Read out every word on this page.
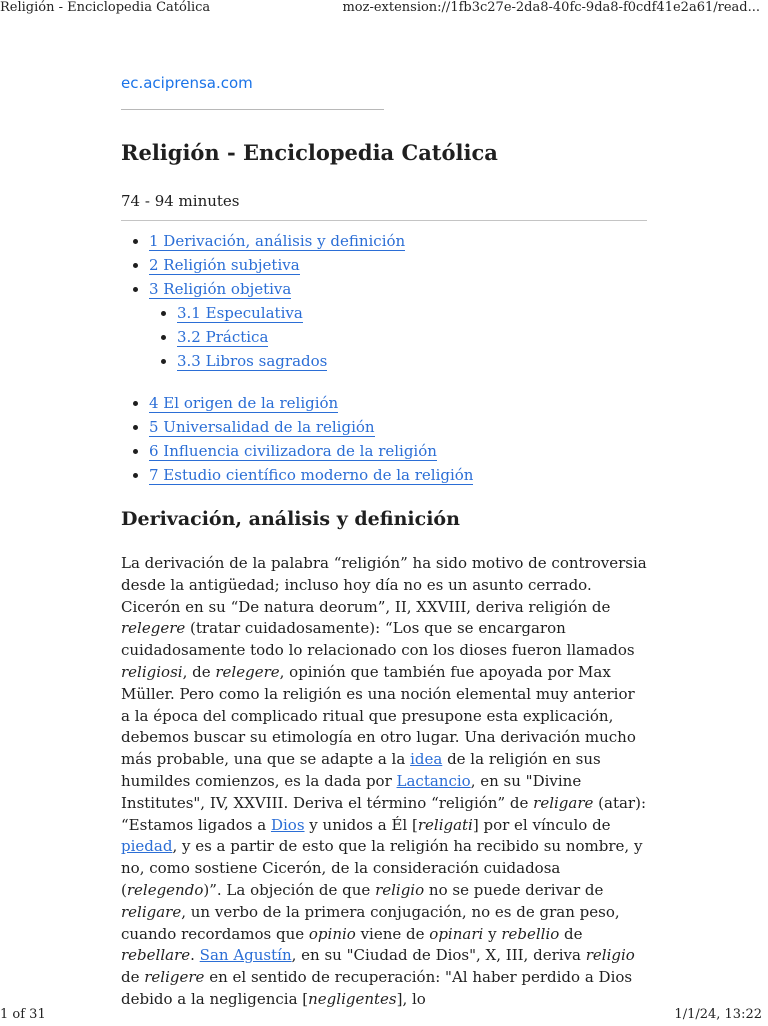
Religión - Enciclopedia Católica	moz-extension://1fb3c27e-2da8-40fc-9da8-f0cdf41e2a61/read...
ec.aciprensa.com
Religión - Enciclopedia Católica
74 - 94 minutes
• 1 Derivación, análisis y definición
• 2 Religión subjetiva
• 3 Religión objetiva
• 3.1 Especulativa
• 3.2 Práctica
• 3.3 Libros sagrados
• 4 El origen de la religión
• 5 Universalidad de la religión
• 6 Influencia civilizadora de la religión
• 7 Estudio científico moderno de la religión
Derivación, análisis y definición

La derivación de la palabra “religión” ha sido motivo de controversia desde la antigüedad; incluso hoy día no es un asunto cerrado. Cicerón en su “De natura deorum”, II, XXVIII, deriva religión de relegere (tratar cuidadosamente): “Los que se encargaron cuidadosamente todo lo relacionado con los dioses fueron llamados religiosi, de relegere, opinión que también fue apoyada por Max Müller. Pero como la religión es una noción elemental muy anterior a la época del complicado ritual que presupone esta explicación, debemos buscar su etimología en otro lugar. Una derivación mucho más probable, una que se adapte a la idea de la religión en sus humildes comienzos, es la dada por Lactancio, en su "Divine Institutes", IV, XXVIII. Deriva el término “religión” de religare (atar): “Estamos ligados a Dios y unidos a Él [religati] por el vínculo de piedad, y es a partir de esto que la religión ha recibido su nombre, y no, como sostiene Cicerón, de la consideración cuidadosa (relegendo)”. La objeción de que religio no se puede derivar de religare, un verbo de la primera conjugación, no es de gran peso, cuando recordamos que opinio viene de opinari y rebellio de rebellare. San Agustín, en su "Ciudad de Dios", X, III, deriva religio de religere en el sentido de recuperación: "Al haber perdido a Dios debido a la negligencia [negligentes], lo

1 of 31	1/1/24, 13:22
